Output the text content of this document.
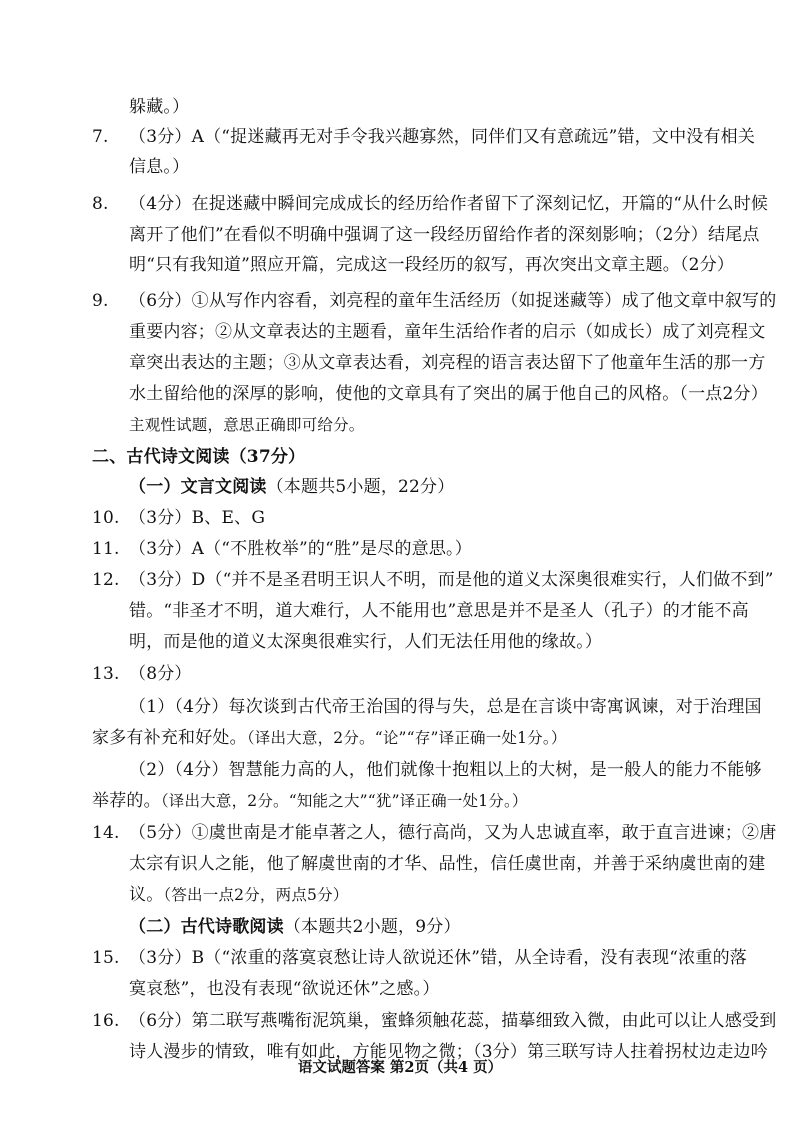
躲藏。）
7. （3分）A（“捉迷藏再无对手令我兴趣寡然，同伴们又有意疏远”错，文中没有相关
信息。）
8. （4分）在捉迷藏中瞬间完成成长的经历给作者留下了深刻记忆，开篇的“从什么时候
离开了他们”在看似不明确中强调了这一段经历留给作者的深刻影响；（2分）结尾点
明“只有我知道”照应开篇，完成这一段经历的叙写，再次突出文章主题。（2分）
9. （6分）①从写作内容看，刘亮程的童年生活经历（如捉迷藏等）成了他文章中叙写的
重要内容；②从文章表达的主题看，童年生活给作者的启示（如成长）成了刘亮程文
章突出表达的主题；③从文章表达看，刘亮程的语言表达留下了他童年生活的那一方
水土留给他的深厚的影响，使他的文章具有了突出的属于他自己的风格。（一点2分）
主观性试题，意思正确即可给分。
二、古代诗文阅读（37分）
（一）文言文阅读（本题共5小题，22分）
10. （3分）B、E、G
11. （3分）A（“不胜枚举”的“胜”是尽的意思。）
12. （3分）D（“并不是圣君明王识人不明，而是他的道义太深奥很难实行，人们做不到”
错。“非圣才不明，道大难行，人不能用也”意思是并不是圣人（孔子）的才能不高
明，而是他的道义太深奥很难实行，人们无法任用他的缘故。）
13. （8分）
（1）（4分）每次谈到古代帝王治国的得与失，总是在言谈中寄寓讽谏，对于治理国
家多有补充和好处。（译出大意，2分。“论”“存”译正确一处1分。）
（2）（4分）智慧能力高的人，他们就像十抱粗以上的大树，是一般人的能力不能够
举荐的。（译出大意，2分。“知能之大”“犹”译正确一处1分。）
14. （5分）①虞世南是才能卓著之人，德行高尚，又为人忠诚直率，敢于直言进谏；②唐
太宗有识人之能，他了解虞世南的才华、品性，信任虞世南，并善于采纳虞世南的建
议。（答出一点2分，两点5分）
（二）古代诗歌阅读（本题共2小题，9分）
15. （3分）B（“浓重的落寞哀愁让诗人欲说还休”错，从全诗看，没有表现“浓重的落
寞哀愁”，也没有表现“欲说还休”之感。）
16. （6分）第二联写燕嘴衔泥筑巢，蜜蜂须触花蕊，描摹细致入微，由此可以让人感受到
诗人漫步的情致，唯有如此，方能见物之微；（3分）第三联写诗人拄着拐杖边走边吟
语文试题答案 第2页（共4 页）
